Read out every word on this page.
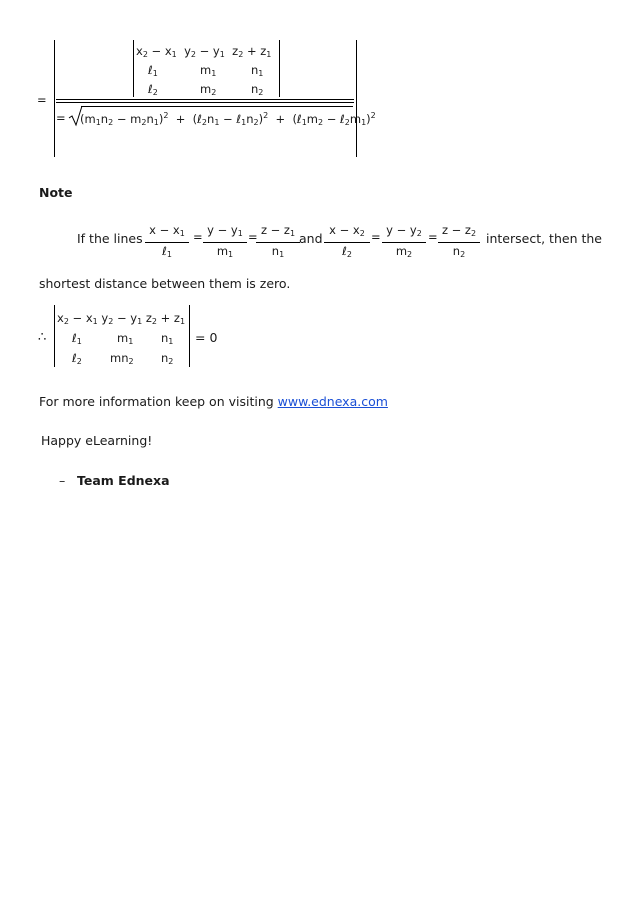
=
$x_2 - x_1$  $y_2 - y_1$  $z_2 + z_1$
ℓ$_1$	$m_1$	$n_1$
ℓ$_2$	$m_2$	$n_2$
= $(m_1n_2 - m_2n_1)^2$  +  ($\ell_2n_1$ − $\ell_1n_2)^2$  +  ($\ell_1m_2$ − $\ell_2m_1)^2$
Note
If the lines
$x - x_1$
ℓ$_1$
= $\frac{y - y_1}{m_1}$ =
$\frac{z - z_1}{n_1}$ and
$x - x_2$
ℓ$_2$
= $\frac{y - y_2}{m_2} = \frac{z - z_2}{n_2}$ intersect, then the
shortest distance between them is zero.
∴
$x_2 - x_1$ $y_2 - y_1$ $z_2 + z_1$
ℓ$_1$	$m_1$ $n_1$
ℓ$_2$ $mn_2$ $n_2$
= 0
For more information keep on visiting www.ednexa.com
Happy eLearning!
– Team Ednexa
